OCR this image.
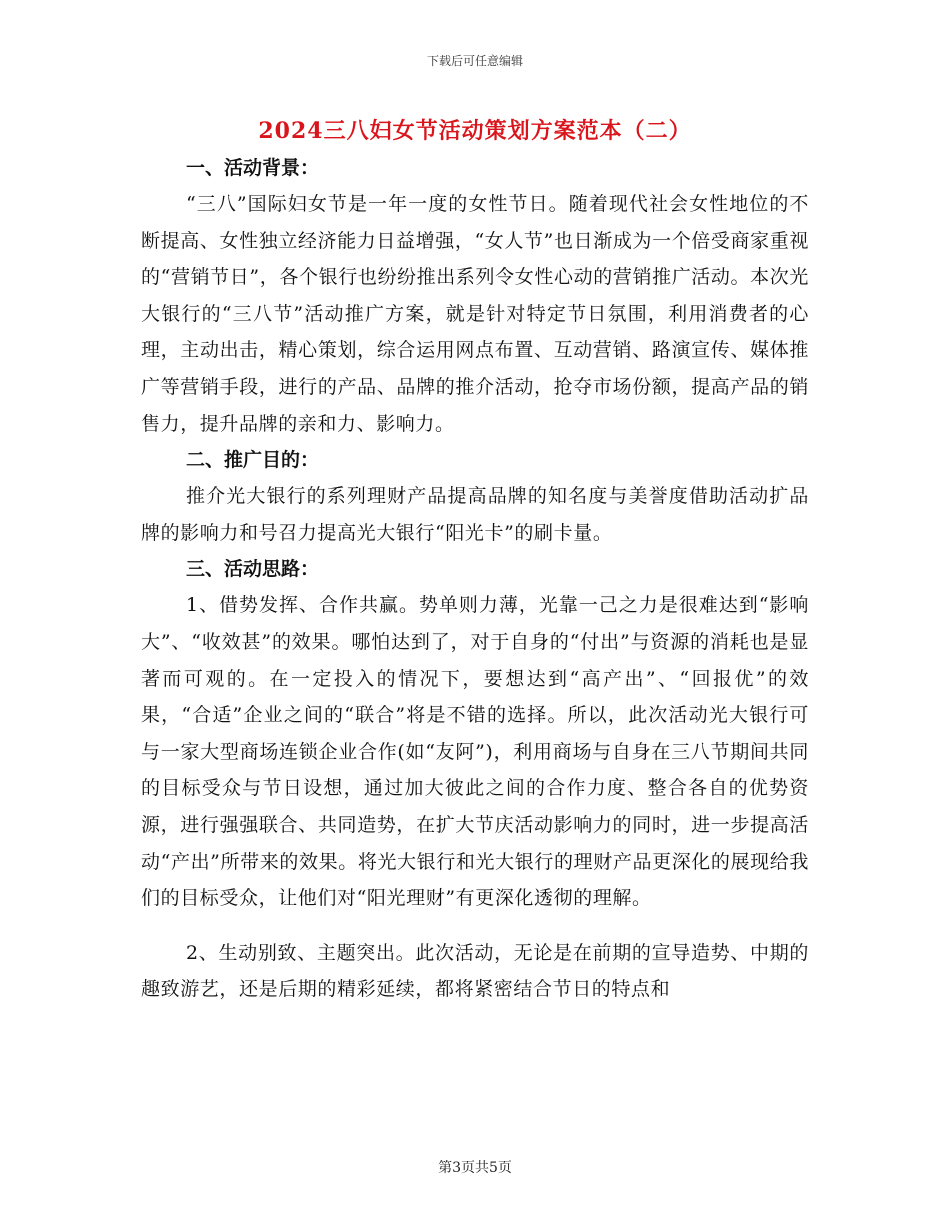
下载后可任意编辑
2024三八妇女节活动策划方案范本（二）

一、活动背景：

“三八”国际妇女节是一年一度的女性节日。随着现代社会女性地位的不断提高、女性独立经济能力日益增强，“女人节”也日渐成为一个倍受商家重视的“营销节日”，各个银行也纷纷推出系列令女性心动的营销推广活动。本次光大银行的“三八节”活动推广方案，就是针对特定节日氛围，利用消费者的心理，主动出击，精心策划，综合运用网点布置、互动营销、路演宣传、媒体推广等营销手段，进行的产品、品牌的推介活动，抢夺市场份额，提高产品的销售力，提升品牌的亲和力、影响力。

二、推广目的：

推介光大银行的系列理财产品提高品牌的知名度与美誉度借助活动扩品牌的影响力和号召力提高光大银行“阳光卡”的刷卡量。

三、活动思路：

1、借势发挥、合作共赢。势单则力薄，光靠一己之力是很难达到“影响大”、“收效甚”的效果。哪怕达到了，对于自身的“付出”与资源的消耗也是显著而可观的。在一定投入的情况下，要想达到“高产出”、“回报优”的效果，“合适”企业之间的“联合”将是不错的选择。所以，此次活动光大银行可与一家大型商场连锁企业合作(如“友阿”)，利用商场与自身在三八节期间共同的目标受众与节日设想，通过加大彼此之间的合作力度、整合各自的优势资源，进行强强联合、共同造势，在扩大节庆活动影响力的同时，进一步提高活动“产出”所带来的效果。将光大银行和光大银行的理财产品更深化的展现给我们的目标受众，让他们对“阳光理财”有更深化透彻的理解。

2、生动别致、主题突出。此次活动，无论是在前期的宣导造势、中期的趣致游艺，还是后期的精彩延续，都将紧密结合节日的特点和

第3页共5页
